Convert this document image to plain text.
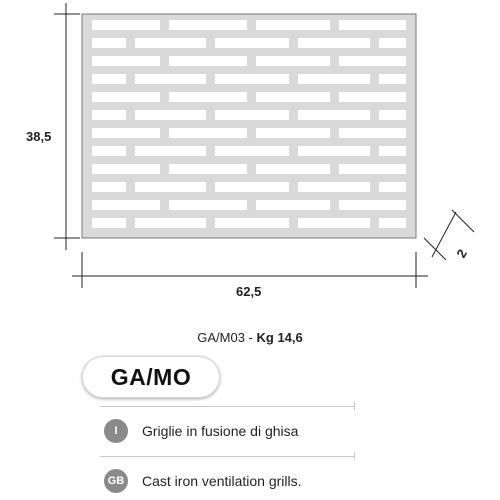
38,5
62,5
2
GA/M03 - Kg 14,6
GA/MO
I	Griglie in fusione di ghisa
GB Cast iron ventilation grills.
